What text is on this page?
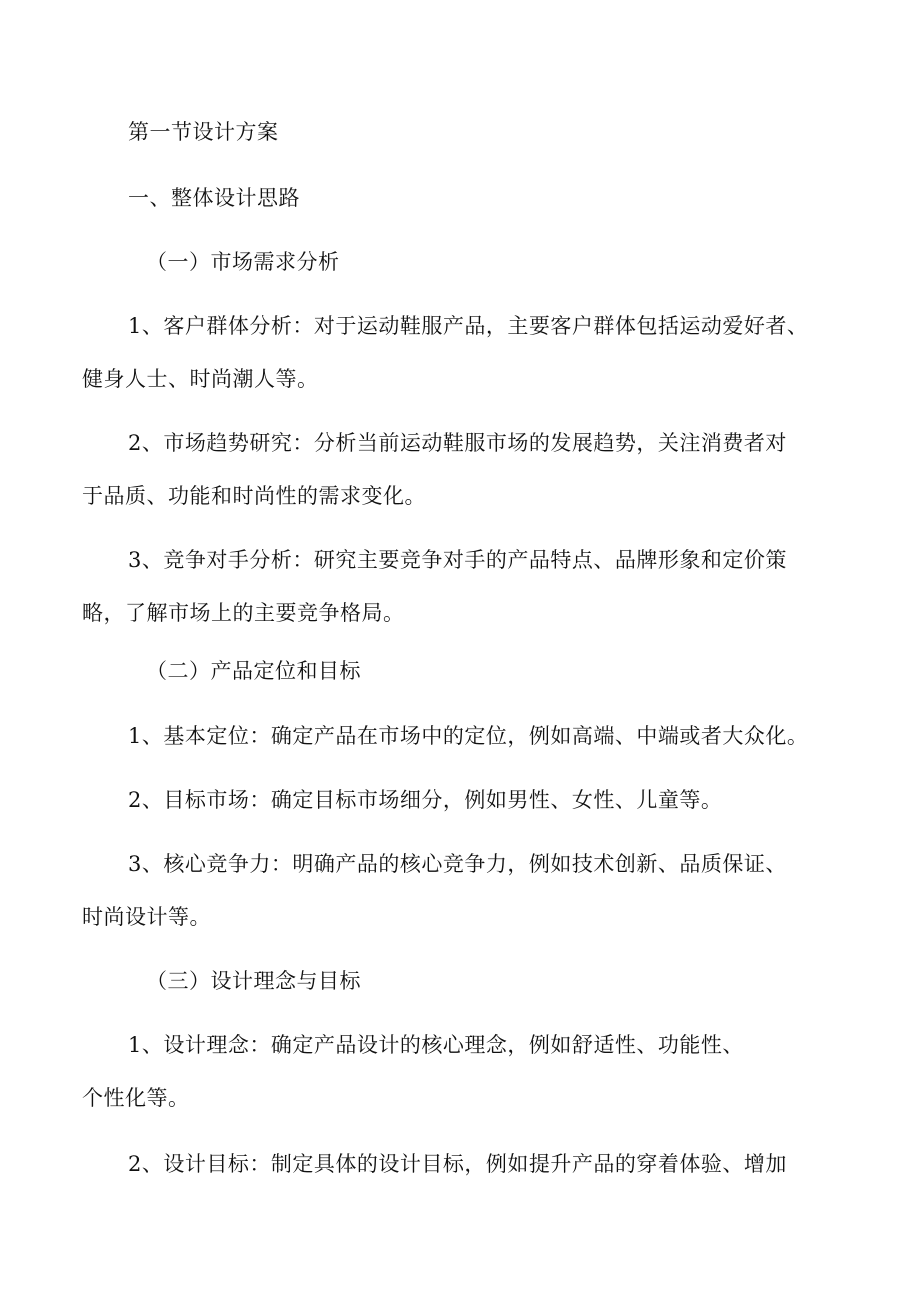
第一节设计方案
一、整体设计思路
（一）市场需求分析
1、客户群体分析：对于运动鞋服产品，主要客户群体包括运动爱好者、
健身人士、时尚潮人等。
2、市场趋势研究：分析当前运动鞋服市场的发展趋势，关注消费者对
于品质、功能和时尚性的需求变化。
3、竞争对手分析：研究主要竞争对手的产品特点、品牌形象和定价策
略，了解市场上的主要竞争格局。
（二）产品定位和目标
1、基本定位：确定产品在市场中的定位，例如高端、中端或者大众化。
2、目标市场：确定目标市场细分，例如男性、女性、儿童等。
3、核心竞争力：明确产品的核心竞争力，例如技术创新、品质保证、
时尚设计等。
（三）设计理念与目标
1、设计理念：确定产品设计的核心理念，例如舒适性、功能性、
个性化等。
2、设计目标：制定具体的设计目标，例如提升产品的穿着体验、增加
